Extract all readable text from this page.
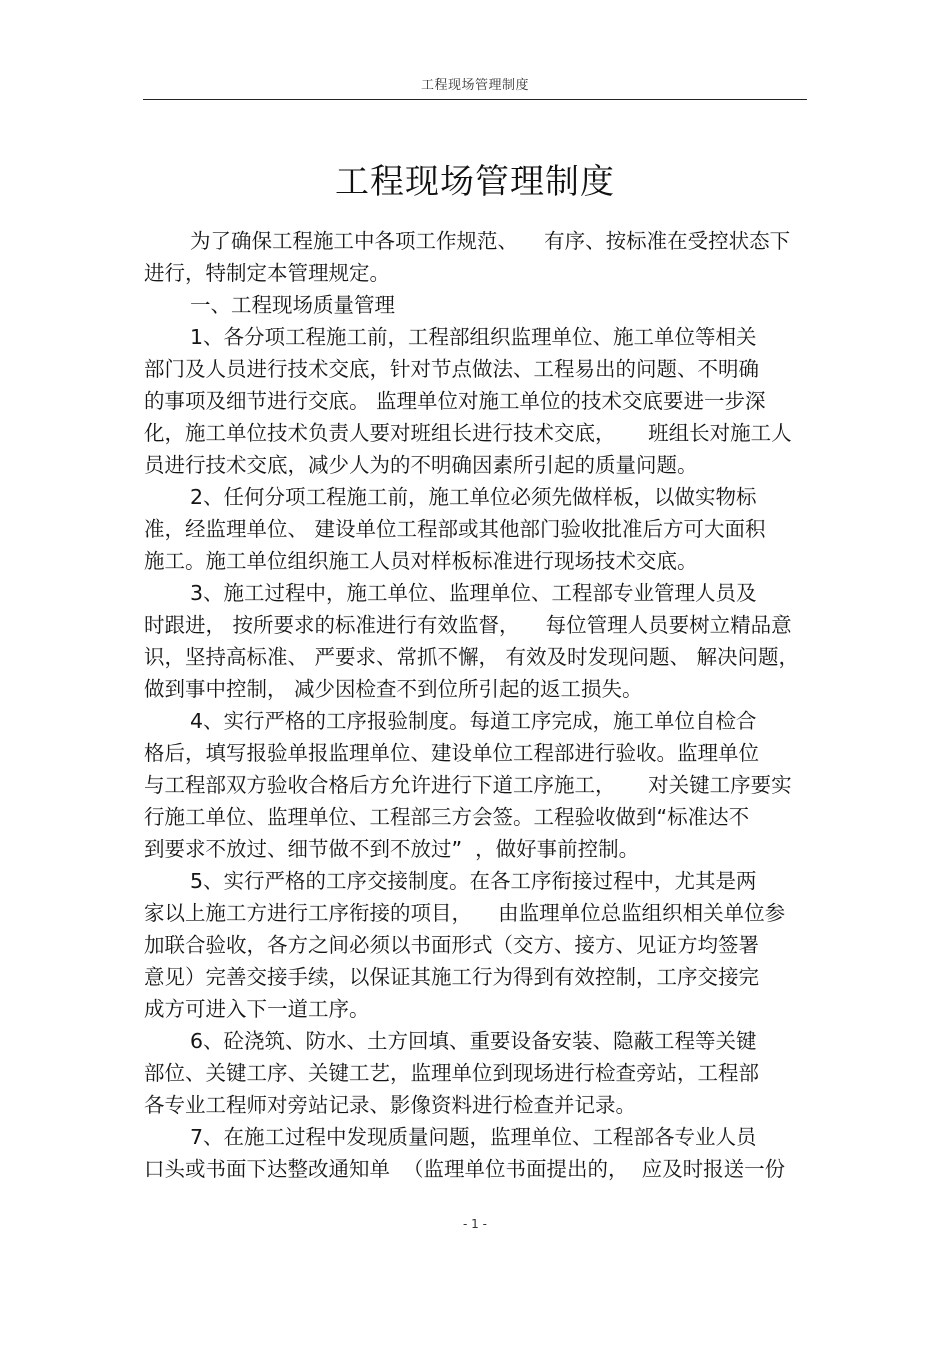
工程现场管理制度
工程现场管理制度
为了确保工程施工中各项工作规范、    有序、按标准在受控状态下
进行，特制定本管理规定。
一、工程现场质量管理
1、各分项工程施工前，工程部组织监理单位、施工单位等相关
部门及人员进行技术交底，针对节点做法、工程易出的问题、不明确
的事项及细节进行交底。 监理单位对施工单位的技术交底要进一步深
化，施工单位技术负责人要对班组长进行技术交底，     班组长对施工人
员进行技术交底，减少人为的不明确因素所引起的质量问题。
2、任何分项工程施工前，施工单位必须先做样板，以做实物标
准，经监理单位、 建设单位工程部或其他部门验收批准后方可大面积
施工。施工单位组织施工人员对样板标准进行现场技术交底。
3、施工过程中，施工单位、监理单位、工程部专业管理人员及
时跟进， 按所要求的标准进行有效监督，    每位管理人员要树立精品意
识，坚持高标准、 严要求、常抓不懈， 有效及时发现问题、 解决问题，
做到事中控制， 减少因检查不到位所引起的返工损失。
4、实行严格的工序报验制度。每道工序完成，施工单位自检合
格后，填写报验单报监理单位、建设单位工程部进行验收。监理单位
与工程部双方验收合格后方允许进行下道工序施工，     对关键工序要实
行施工单位、监理单位、工程部三方会签。工程验收做到“标准达不
到要求不放过、细节做不到不放过”  ，做好事前控制。
5、实行严格的工序交接制度。在各工序衔接过程中，尤其是两
家以上施工方进行工序衔接的项目，    由监理单位总监组织相关单位参
加联合验收，各方之间必须以书面形式（交方、接方、见证方均签署
意见）完善交接手续，以保证其施工行为得到有效控制，工序交接完
成方可进入下一道工序。
6、砼浇筑、防水、土方回填、重要设备安装、隐蔽工程等关键
部位、关键工序、关键工艺，监理单位到现场进行检查旁站，工程部
各专业工程师对旁站记录、影像资料进行检查并记录。
7、在施工过程中发现质量问题，监理单位、工程部各专业人员
口头或书面下达整改通知单  （监理单位书面提出的，  应及时报送一份
- 1 -
